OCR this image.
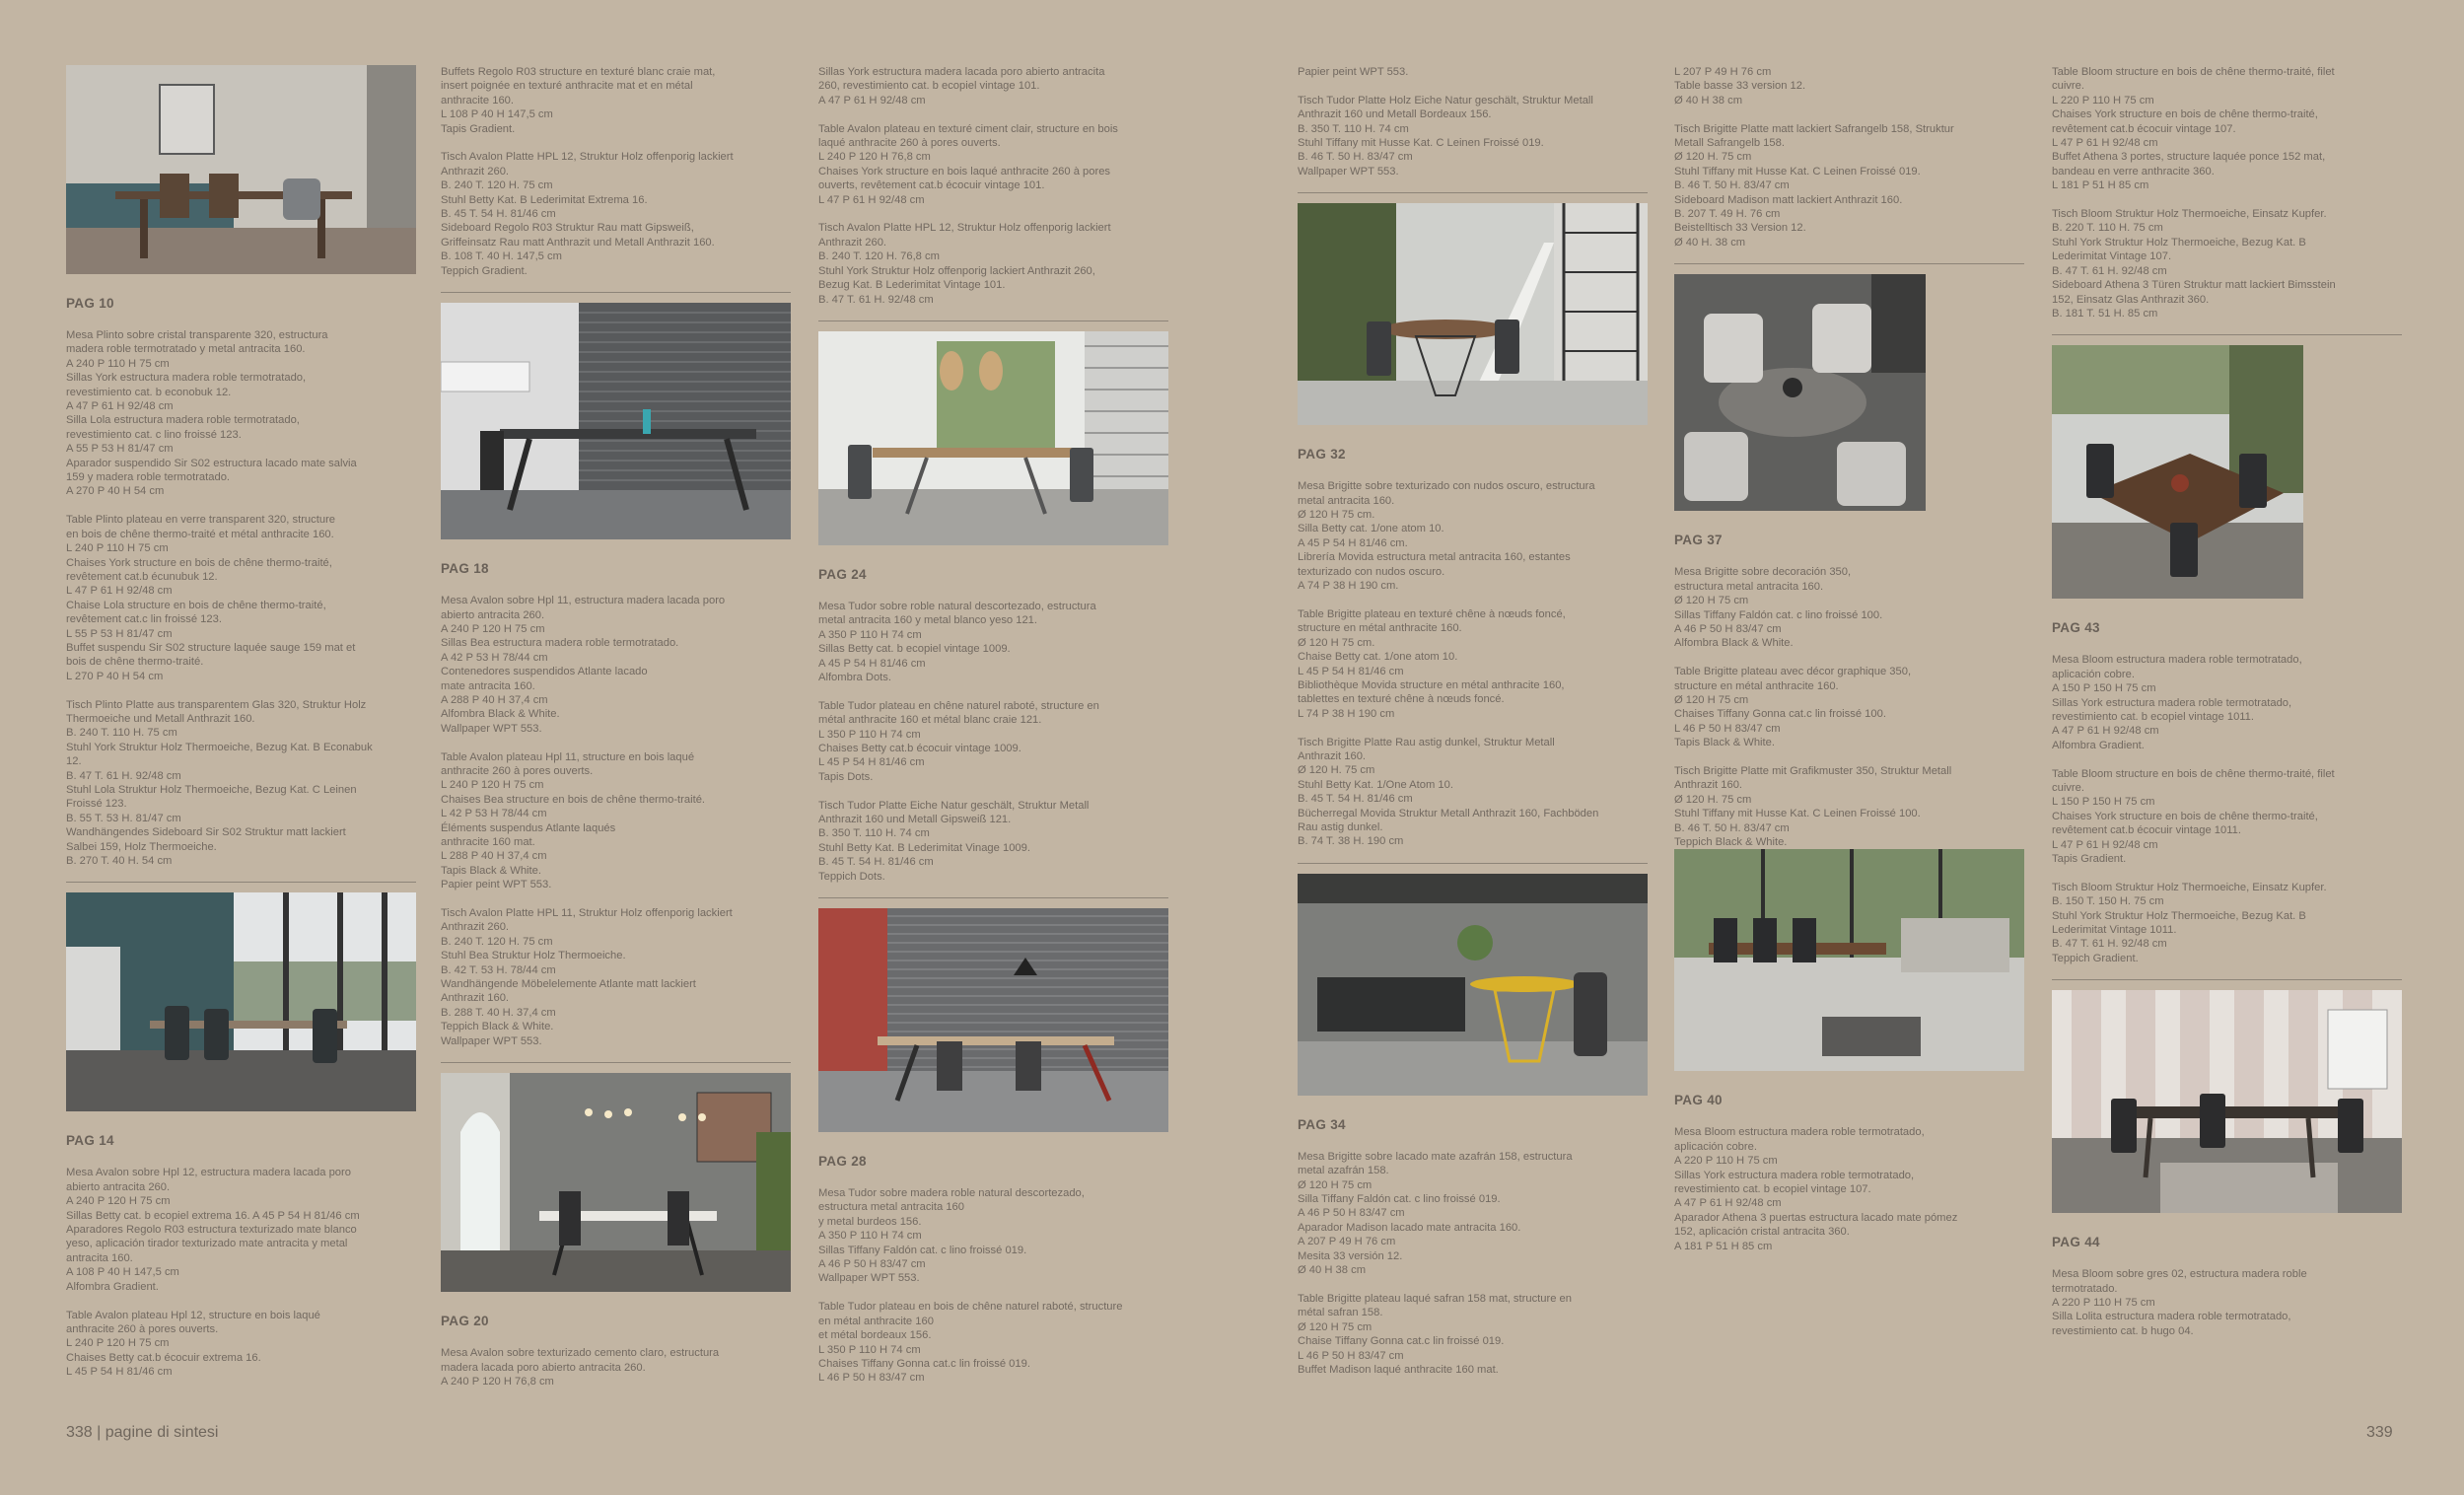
PAG 10
Mesa Plinto sobre cristal transparente 320, estructura
madera roble termotratado y metal antracita 160.
A 240 P 110 H 75 cm
Sillas York estructura madera roble termotratado,
revestimiento cat. b econobuk 12.
A 47 P 61 H 92/48 cm
Silla Lola estructura madera roble termotratado,
revestimiento cat. c lino froissé 123.
A 55 P 53 H 81/47 cm
Aparador suspendido Sir S02 estructura lacado mate salvia
159 y madera roble termotratado.
A 270 P 40 H 54 cm

Table Plinto plateau en verre transparent 320, structure
en bois de chêne thermo-traité et métal anthracite 160.
L 240 P 110 H 75 cm
Chaises York structure en bois de chêne thermo-traité,
revêtement cat.b écunubuk 12.
L 47 P 61 H 92/48 cm
Chaise Lola structure en bois de chêne thermo-traité,
revêtement cat.c lin froissé 123.
L 55 P 53 H 81/47 cm
Buffet suspendu Sir S02 structure laquée sauge 159 mat et
bois de chêne thermo-traité.
L 270 P 40 H 54 cm

Tisch Plinto Platte aus transparentem Glas 320, Struktur Holz
Thermoeiche und Metall Anthrazit 160.
B. 240 T. 110 H. 75 cm
Stuhl York Struktur Holz Thermoeiche, Bezug Kat. B Econabuk
12.
B. 47 T. 61 H. 92/48 cm
Stuhl Lola Struktur Holz Thermoeiche, Bezug Kat. C Leinen
Froissé 123.
B. 55 T. 53 H. 81/47 cm
Wandhängendes Sideboard Sir S02 Struktur matt lackiert
Salbei 159, Holz Thermoeiche.
B. 270 T. 40 H. 54 cm
PAG 14
Mesa Avalon sobre Hpl 12, estructura madera lacada poro
abierto antracita 260.
A 240 P 120 H 75 cm
Sillas Betty cat. b ecopiel extrema 16. A 45 P 54 H 81/46 cm
Aparadores Regolo R03 estructura texturizado mate blanco
yeso, aplicación tirador texturizado mate antracita y metal
antracita 160.
A 108 P 40 H 147,5 cm
Alfombra Gradient.

Table Avalon plateau Hpl 12, structure en bois laqué
anthracite 260 à pores ouverts.
L 240 P 120 H 75 cm
Chaises Betty cat.b écocuir extrema 16.
L 45 P 54 H 81/46 cm
Buffets Regolo R03 structure en texturé blanc craie mat,
insert poignée en texturé anthracite mat et en métal
anthracite 160.
L 108 P 40 H 147,5 cm
Tapis Gradient.

Tisch Avalon Platte HPL 12, Struktur Holz offenporig lackiert
Anthrazit 260.
B. 240 T. 120 H. 75 cm
Stuhl Betty Kat. B Lederimitat Extrema 16.
B. 45 T. 54 H. 81/46 cm
Sideboard Regolo R03 Struktur Rau matt Gipsweiß,
Griffeinsatz Rau matt Anthrazit und Metall Anthrazit 160.
B. 108 T. 40 H. 147,5 cm
Teppich Gradient.
PAG 18
Mesa Avalon sobre Hpl 11, estructura madera lacada poro
abierto antracita 260.
A 240 P 120 H 75 cm
Sillas Bea estructura madera roble termotratado.
A 42 P 53 H 78/44 cm
Contenedores suspendidos Atlante lacado
mate antracita 160.
A 288 P 40 H 37,4 cm
Alfombra Black & White.
Wallpaper WPT 553.

Table Avalon plateau Hpl 11, structure en bois laqué
anthracite 260 à pores ouverts.
L 240 P 120 H 75 cm
Chaises Bea structure en bois de chêne thermo-traité.
L 42 P 53 H 78/44 cm
Éléments suspendus Atlante laqués
anthracite 160 mat.
L 288 P 40 H 37,4 cm
Tapis Black & White.
Papier peint WPT 553.

Tisch Avalon Platte HPL 11, Struktur Holz offenporig lackiert
Anthrazit 260.
B. 240 T. 120 H. 75 cm
Stuhl Bea Struktur Holz Thermoeiche.
B. 42 T. 53 H. 78/44 cm
Wandhängende Möbelelemente Atlante matt lackiert
Anthrazit 160.
B. 288 T. 40 H. 37,4 cm
Teppich Black & White.
Wallpaper WPT 553.
PAG 20
Mesa Avalon sobre texturizado cemento claro, estructura
madera lacada poro abierto antracita 260.
A 240 P 120 H 76,8 cm
Sillas York estructura madera lacada poro abierto antracita
260, revestimiento cat. b ecopiel vintage 101.
A 47 P 61 H 92/48 cm

Table Avalon plateau en texturé ciment clair, structure en bois
laqué anthracite 260 à pores ouverts.
L 240 P 120 H 76,8 cm
Chaises York structure en bois laqué anthracite 260 à pores
ouverts, revêtement cat.b écocuir vintage 101.
L 47 P 61 H 92/48 cm

Tisch Avalon Platte HPL 12, Struktur Holz offenporig lackiert
Anthrazit 260.
B. 240 T. 120 H. 76,8 cm
Stuhl York Struktur Holz offenporig lackiert Anthrazit 260,
Bezug Kat. B Lederimitat Vintage 101.
B. 47 T. 61 H. 92/48 cm
PAG 24
Mesa Tudor sobre roble natural descortezado, estructura
metal antracita 160 y metal blanco yeso 121.
A 350 P 110 H 74 cm
Sillas Betty cat. b ecopiel vintage 1009.
A 45 P 54 H 81/46 cm
Alfombra Dots.

Table Tudor plateau en chêne naturel raboté, structure en
métal anthracite 160 et métal blanc craie 121.
L 350 P 110 H 74 cm
Chaises Betty cat.b écocuir vintage 1009.
L 45 P 54 H 81/46 cm
Tapis Dots.

Tisch Tudor Platte Eiche Natur geschält, Struktur Metall
Anthrazit 160 und Metall Gipsweiß 121.
B. 350 T. 110 H. 74 cm
Stuhl Betty Kat. B Lederimitat Vinage 1009.
B. 45 T. 54 H. 81/46 cm
Teppich Dots.
PAG 28
Mesa Tudor sobre madera roble natural descortezado,
estructura metal antracita 160
y metal burdeos 156.
A 350 P 110 H 74 cm
Sillas Tiffany Faldón cat. c lino froissé 019.
A 46 P 50 H 83/47 cm
Wallpaper WPT 553.

Table Tudor plateau en bois de chêne naturel raboté, structure
en métal anthracite 160
et métal bordeaux 156.
L 350 P 110 H 74 cm
Chaises Tiffany Gonna cat.c lin froissé 019.
L 46 P 50 H 83/47 cm
Papier peint WPT 553.

Tisch Tudor Platte Holz Eiche Natur geschält, Struktur Metall
Anthrazit 160 und Metall Bordeaux 156.
B. 350 T. 110 H. 74 cm
Stuhl Tiffany mit Husse Kat. C Leinen Froissé 019.
B. 46 T. 50 H. 83/47 cm
Wallpaper WPT 553.
PAG 32
Mesa Brigitte sobre texturizado con nudos oscuro, estructura
metal antracita 160.
Ø 120 H 75 cm.
Silla Betty cat. 1/one atom 10.
A 45 P 54 H 81/46 cm.
Librería Movida estructura metal antracita 160, estantes
texturizado con nudos oscuro.
A 74 P 38 H 190 cm.

Table Brigitte plateau en texturé chêne à nœuds foncé,
structure en métal anthracite 160.
Ø 120 H 75 cm.
Chaise Betty cat. 1/one atom 10.
L 45 P 54 H 81/46 cm
Bibliothèque Movida structure en métal anthracite 160,
tablettes en texturé chêne à nœuds foncé.
L 74 P 38 H 190 cm

Tisch Brigitte Platte Rau astig dunkel, Struktur Metall
Anthrazit 160.
Ø 120 H. 75 cm
Stuhl Betty Kat. 1/One Atom 10.
B. 45 T. 54 H. 81/46 cm
Bücherregal Movida Struktur Metall Anthrazit 160, Fachböden
Rau astig dunkel.
B. 74 T. 38 H. 190 cm
PAG 34
Mesa Brigitte sobre lacado mate azafrán 158, estructura
metal azafrán 158.
Ø 120 H 75 cm
Silla Tiffany Faldón cat. c lino froissé 019.
A 46 P 50 H 83/47 cm
Aparador Madison lacado mate antracita 160.
A 207 P 49 H 76 cm
Mesita 33 versión 12.
Ø 40 H 38 cm

Table Brigitte plateau laqué safran 158 mat, structure en
métal safran 158.
Ø 120 H 75 cm
Chaise Tiffany Gonna cat.c lin froissé 019.
L 46 P 50 H 83/47 cm
Buffet Madison laqué anthracite 160 mat.
L 207 P 49 H 76 cm
Table basse 33 version 12.
Ø 40 H 38 cm

Tisch Brigitte Platte matt lackiert Safrangelb 158, Struktur
Metall Safrangelb 158.
Ø 120 H. 75 cm
Stuhl Tiffany mit Husse Kat. C Leinen Froissé 019.
B. 46 T. 50 H. 83/47 cm
Sideboard Madison matt lackiert Anthrazit 160.
B. 207 T. 49 H. 76 cm
Beistelltisch 33 Version 12.
Ø 40 H. 38 cm
PAG 37
Mesa Brigitte sobre decoración 350,
estructura metal antracita 160.
Ø 120 H 75 cm
Sillas Tiffany Faldón cat. c lino froissé 100.
A 46 P 50 H 83/47 cm
Alfombra Black & White.

Table Brigitte plateau avec décor graphique 350,
structure en métal anthracite 160.
Ø 120 H 75 cm
Chaises Tiffany Gonna cat.c lin froissé 100.
L 46 P 50 H 83/47 cm
Tapis Black & White.

Tisch Brigitte Platte mit Grafikmuster 350, Struktur Metall
Anthrazit 160.
Ø 120 H. 75 cm
Stuhl Tiffany mit Husse Kat. C Leinen Froissé 100.
B. 46 T. 50 H. 83/47 cm
Teppich Black & White.
PAG 40
Mesa Bloom estructura madera roble termotratado,
aplicación cobre.
A 220 P 110 H 75 cm
Sillas York estructura madera roble termotratado,
revestimiento cat. b ecopiel vintage 107.
A 47 P 61 H 92/48 cm
Aparador Athena 3 puertas estructura lacado mate pómez
152, aplicación cristal antracita 360.
A 181 P 51 H 85 cm
Table Bloom structure en bois de chêne thermo-traité, filet
cuivre.
L 220 P 110 H 75 cm
Chaises York structure en bois de chêne thermo-traité,
revêtement cat.b écocuir vintage 107.
L 47 P 61 H 92/48 cm
Buffet Athena 3 portes, structure laquée ponce 152 mat,
bandeau en verre anthracite 360.
L 181 P 51 H 85 cm

Tisch Bloom Struktur Holz Thermoeiche, Einsatz Kupfer.
B. 220 T. 110 H. 75 cm
Stuhl York Struktur Holz Thermoeiche, Bezug Kat. B
Lederimitat Vintage 107.
B. 47 T. 61 H. 92/48 cm
Sideboard Athena 3 Türen Struktur matt lackiert Bimsstein
152, Einsatz Glas Anthrazit 360.
B. 181 T. 51 H. 85 cm
PAG 43
Mesa Bloom estructura madera roble termotratado,
aplicación cobre.
A 150 P 150 H 75 cm
Sillas York estructura madera roble termotratado,
revestimiento cat. b ecopiel vintage 1011.
A 47 P 61 H 92/48 cm
Alfombra Gradient.

Table Bloom structure en bois de chêne thermo-traité, filet
cuivre.
L 150 P 150 H 75 cm
Chaises York structure en bois de chêne thermo-traité,
revêtement cat.b écocuir vintage 1011.
L 47 P 61 H 92/48 cm
Tapis Gradient.

Tisch Bloom Struktur Holz Thermoeiche, Einsatz Kupfer.
B. 150 T. 150 H. 75 cm
Stuhl York Struktur Holz Thermoeiche, Bezug Kat. B
Lederimitat Vintage 1011.
B. 47 T. 61 H. 92/48 cm
Teppich Gradient.
PAG 44
Mesa Bloom sobre gres 02, estructura madera roble
termotratado.
A 220 P 110 H 75 cm
Silla Lolita estructura madera roble termotratado,
revestimiento cat. b hugo 04.
338 | pagine di sintesi	339
